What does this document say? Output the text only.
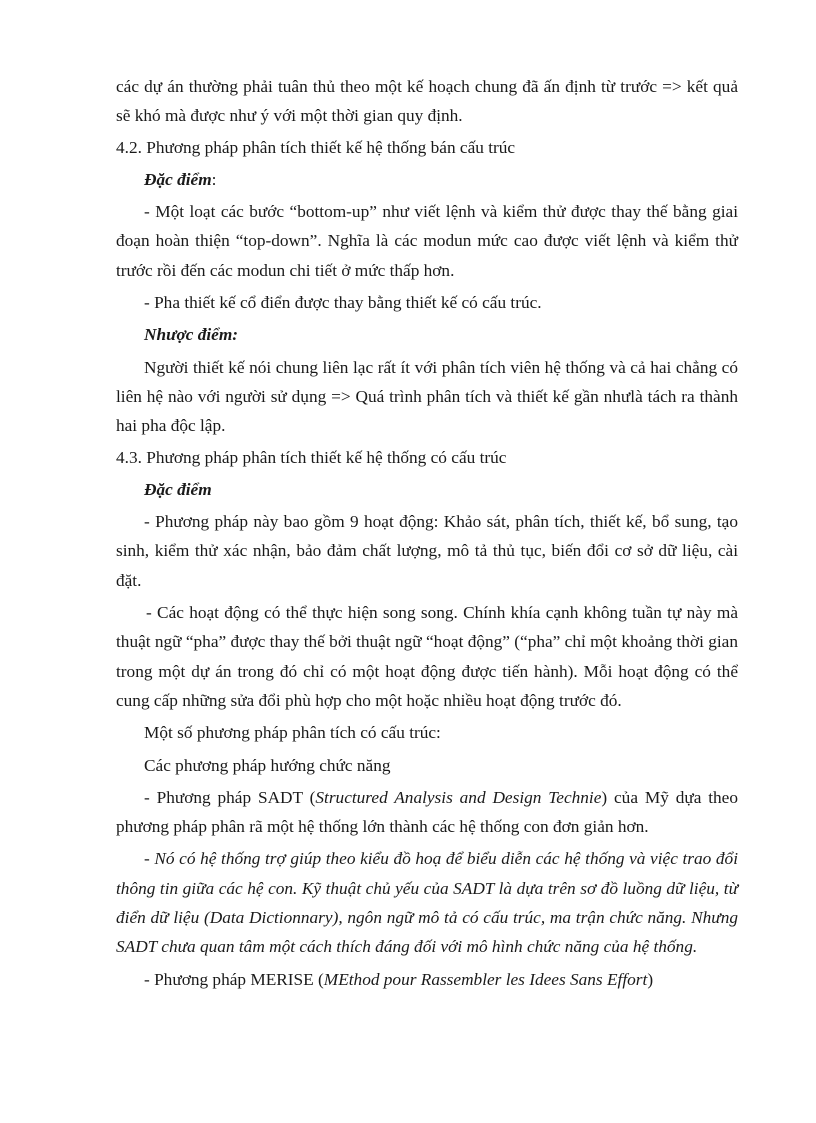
các dự án thường phải tuân thủ theo một kế hoạch chung đã ấn định từ trước => kết quả sẽ khó mà được như ý với một thời gian quy định.

4.2. Phương pháp phân tích thiết kế hệ thống bán cấu trúc

Đặc điểm:

- Một loạt các bước “bottom-up” như viết lệnh và kiểm thử được thay thế bằng giai đoạn hoàn thiện “top-down”. Nghĩa là các modun mức cao được viết lệnh và kiểm thử trước rồi đến các modun chi tiết ở mức thấp hơn.

- Pha thiết kế cổ điển được thay bằng thiết kế có cấu trúc.

Nhược điểm:

Người thiết kế nói chung liên lạc rất ít với phân tích viên hệ thống và cả hai chẳng có liên hệ nào với người sử dụng => Quá trình phân tích và thiết kế gần nhưlà tách ra thành hai pha độc lập.

4.3. Phương pháp phân tích thiết kế hệ thống có cấu trúc

Đặc điểm

- Phương pháp này bao gồm 9 hoạt động: Khảo sát, phân tích, thiết kế, bổ sung, tạo sinh, kiểm thử xác nhận, bảo đảm chất lượng, mô tả thủ tục, biến đổi cơ sở dữ liệu, cài đặt.

- Các hoạt động có thể thực hiện song song. Chính khía cạnh không tuần tự này mà thuật ngữ “pha” được thay thế bởi thuật ngữ “hoạt động” (“pha” chỉ một khoảng thời gian trong một dự án trong đó chỉ có một hoạt động được tiến hành). Mỗi hoạt động có thể cung cấp những sửa đổi phù hợp cho một hoặc nhiều hoạt động trước đó.

Một số phương pháp phân tích có cấu trúc:

Các phương pháp hướng chức năng

- Phương pháp SADT (Structured Analysis and Design Technie) của Mỹ dựa theo phương pháp phân rã một hệ thống lớn thành các hệ thống con đơn giản hơn.

- Nó có hệ thống trợ giúp theo kiểu đồ hoạ để biểu diễn các hệ thống và việc trao đổi thông tin giữa các hệ con. Kỹ thuật chủ yếu của SADT là dựa trên sơ đồ luồng dữ liệu, từ điển dữ liệu (Data Dictionnary), ngôn ngữ mô tả có cấu trúc, ma trận chức năng. Nhưng SADT chưa quan tâm một cách thích đáng đối với mô hình chức năng của hệ thống.

- Phương pháp MERISE (MEthod pour Rassembler les Idees Sans Effort)
